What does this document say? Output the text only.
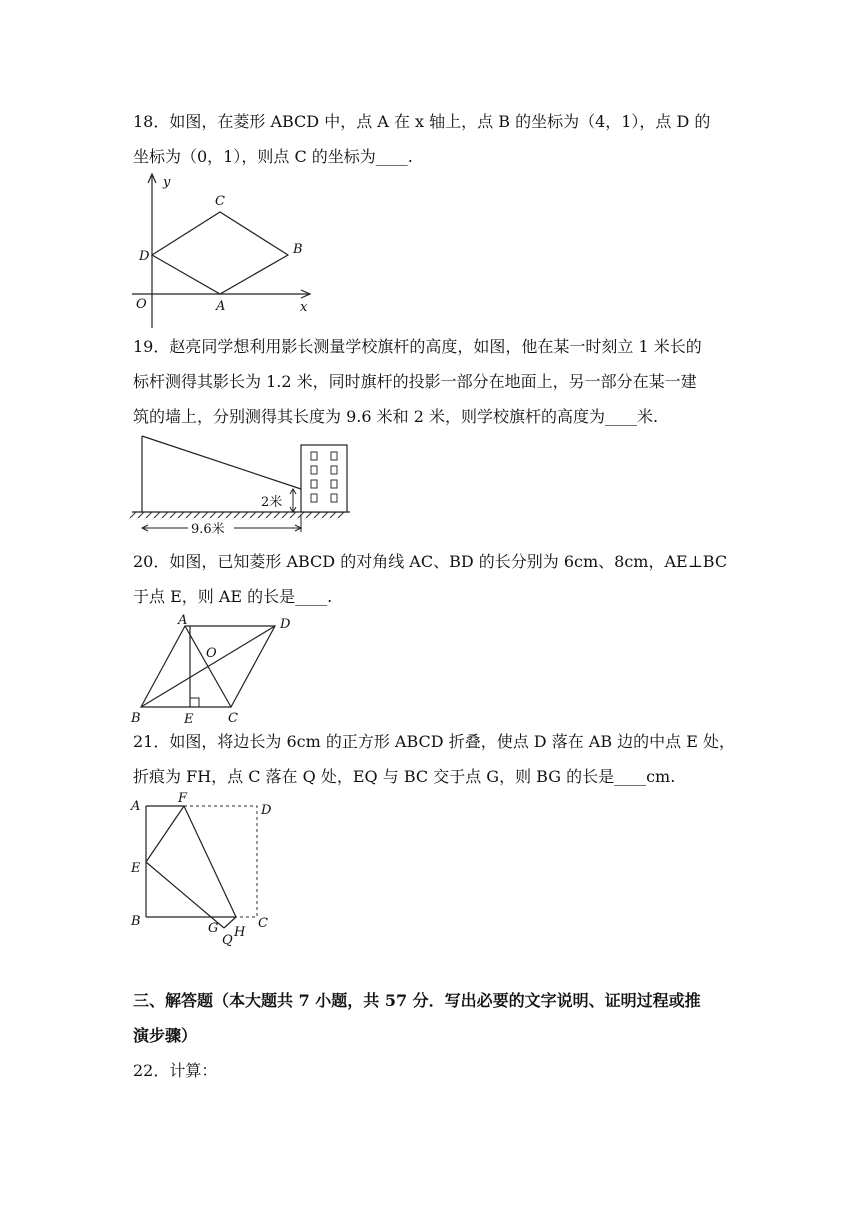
18．如图，在菱形 ABCD 中，点 A 在 x 轴上，点 B 的坐标为（4，1），点 D 的
坐标为（0，1），则点 C 的坐标为____.
y
x
O	A
B
C
D
19．赵亮同学想利用影长测量学校旗杆的高度，如图，他在某一时刻立 1 米长的
标杆测得其影长为 1.2 米，同时旗杆的投影一部分在地面上，另一部分在某一建
筑的墙上，分别测得其长度为 9.6 米和 2 米，则学校旗杆的高度为____米.
2米
9.6米
20．如图，已知菱形 ABCD 的对角线 AC、BD 的长分别为 6cm、8cm，AE⊥BC
于点 E，则 AE 的长是____.
A	D
O
B	E	C
21．如图，将边长为 6cm 的正方形 ABCD 折叠，使点 D 落在 AB 边的中点 E 处，
折痕为 FH，点 C 落在 Q 处，EQ 与 BC 交于点 G，则 BG 的长是____cm.
A
F
D
E
B	G
Q
H
C
三、解答题（本大题共 7 小题，共 57 分．写出必要的文字说明、证明过程或推
演步骤）
22．计算：
